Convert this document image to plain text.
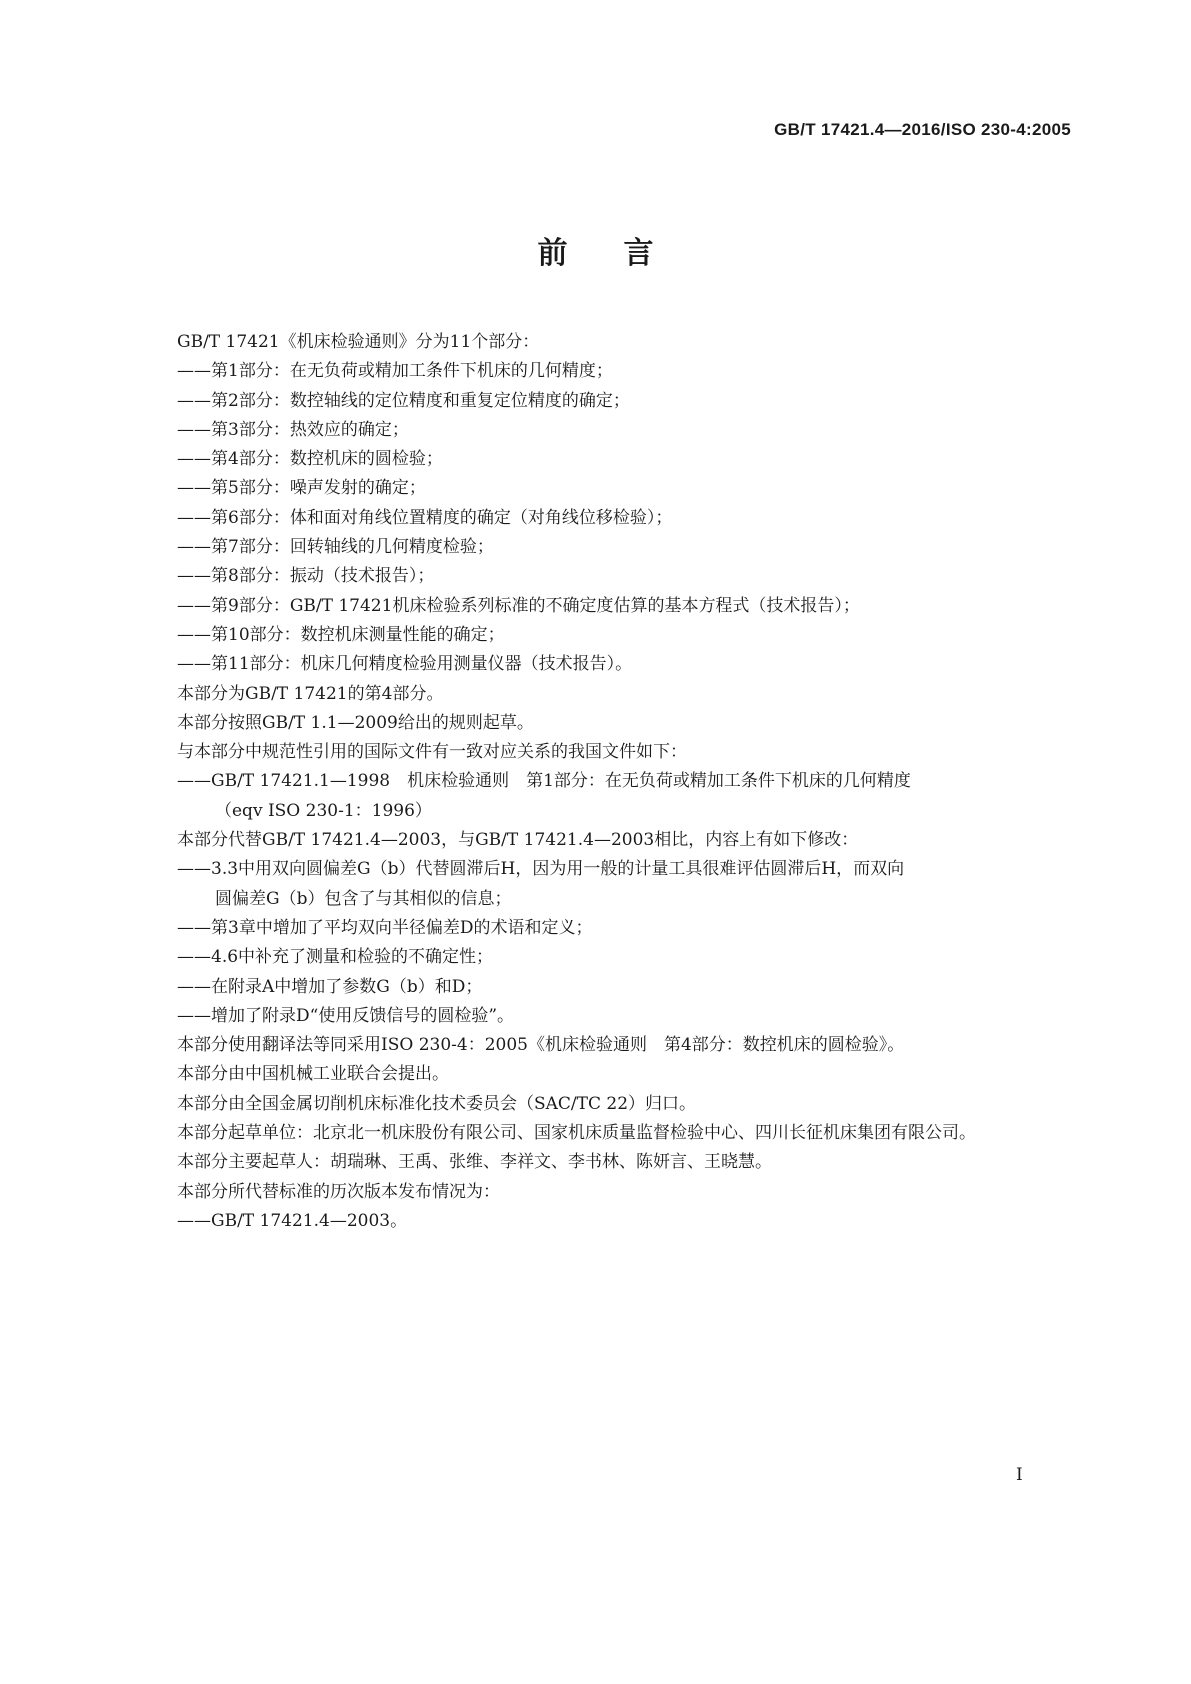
GB/T 17421.4—2016/ISO 230-4:2005
前言

GB/T 17421《机床检验通则》分为11个部分：

——第1部分：在无负荷或精加工条件下机床的几何精度；

——第2部分：数控轴线的定位精度和重复定位精度的确定；

——第3部分：热效应的确定；

——第4部分：数控机床的圆检验；

——第5部分：噪声发射的确定；

——第6部分：体和面对角线位置精度的确定（对角线位移检验）；

——第7部分：回转轴线的几何精度检验；

——第8部分：振动（技术报告）；

——第9部分：GB/T 17421机床检验系列标准的不确定度估算的基本方程式（技术报告）；

——第10部分：数控机床测量性能的确定；

——第11部分：机床几何精度检验用测量仪器（技术报告）。

本部分为GB/T 17421的第4部分。

本部分按照GB/T 1.1—2009给出的规则起草。

与本部分中规范性引用的国际文件有一致对应关系的我国文件如下：

——GB/T 17421.1—1998　机床检验通则　第1部分：在无负荷或精加工条件下机床的几何精度
（eqv ISO 230-1：1996）

本部分代替GB/T 17421.4—2003，与GB/T 17421.4—2003相比，内容上有如下修改：

——3.3中用双向圆偏差G（b）代替圆滞后H，因为用一般的计量工具很难评估圆滞后H，而双向
圆偏差G（b）包含了与其相似的信息；

——第3章中增加了平均双向半径偏差D的术语和定义；

——4.6中补充了测量和检验的不确定性；

——在附录A中增加了参数G（b）和D；

——增加了附录D“使用反馈信号的圆检验”。

本部分使用翻译法等同采用ISO 230-4：2005《机床检验通则　第4部分：数控机床的圆检验》。

本部分由中国机械工业联合会提出。

本部分由全国金属切削机床标准化技术委员会（SAC/TC 22）归口。

本部分起草单位：北京北一机床股份有限公司、国家机床质量监督检验中心、四川长征机床集团有限公司。

本部分主要起草人：胡瑞琳、王禹、张维、李祥文、李书林、陈妍言、王晓慧。

本部分所代替标准的历次版本发布情况为：

——GB/T 17421.4—2003。

I
